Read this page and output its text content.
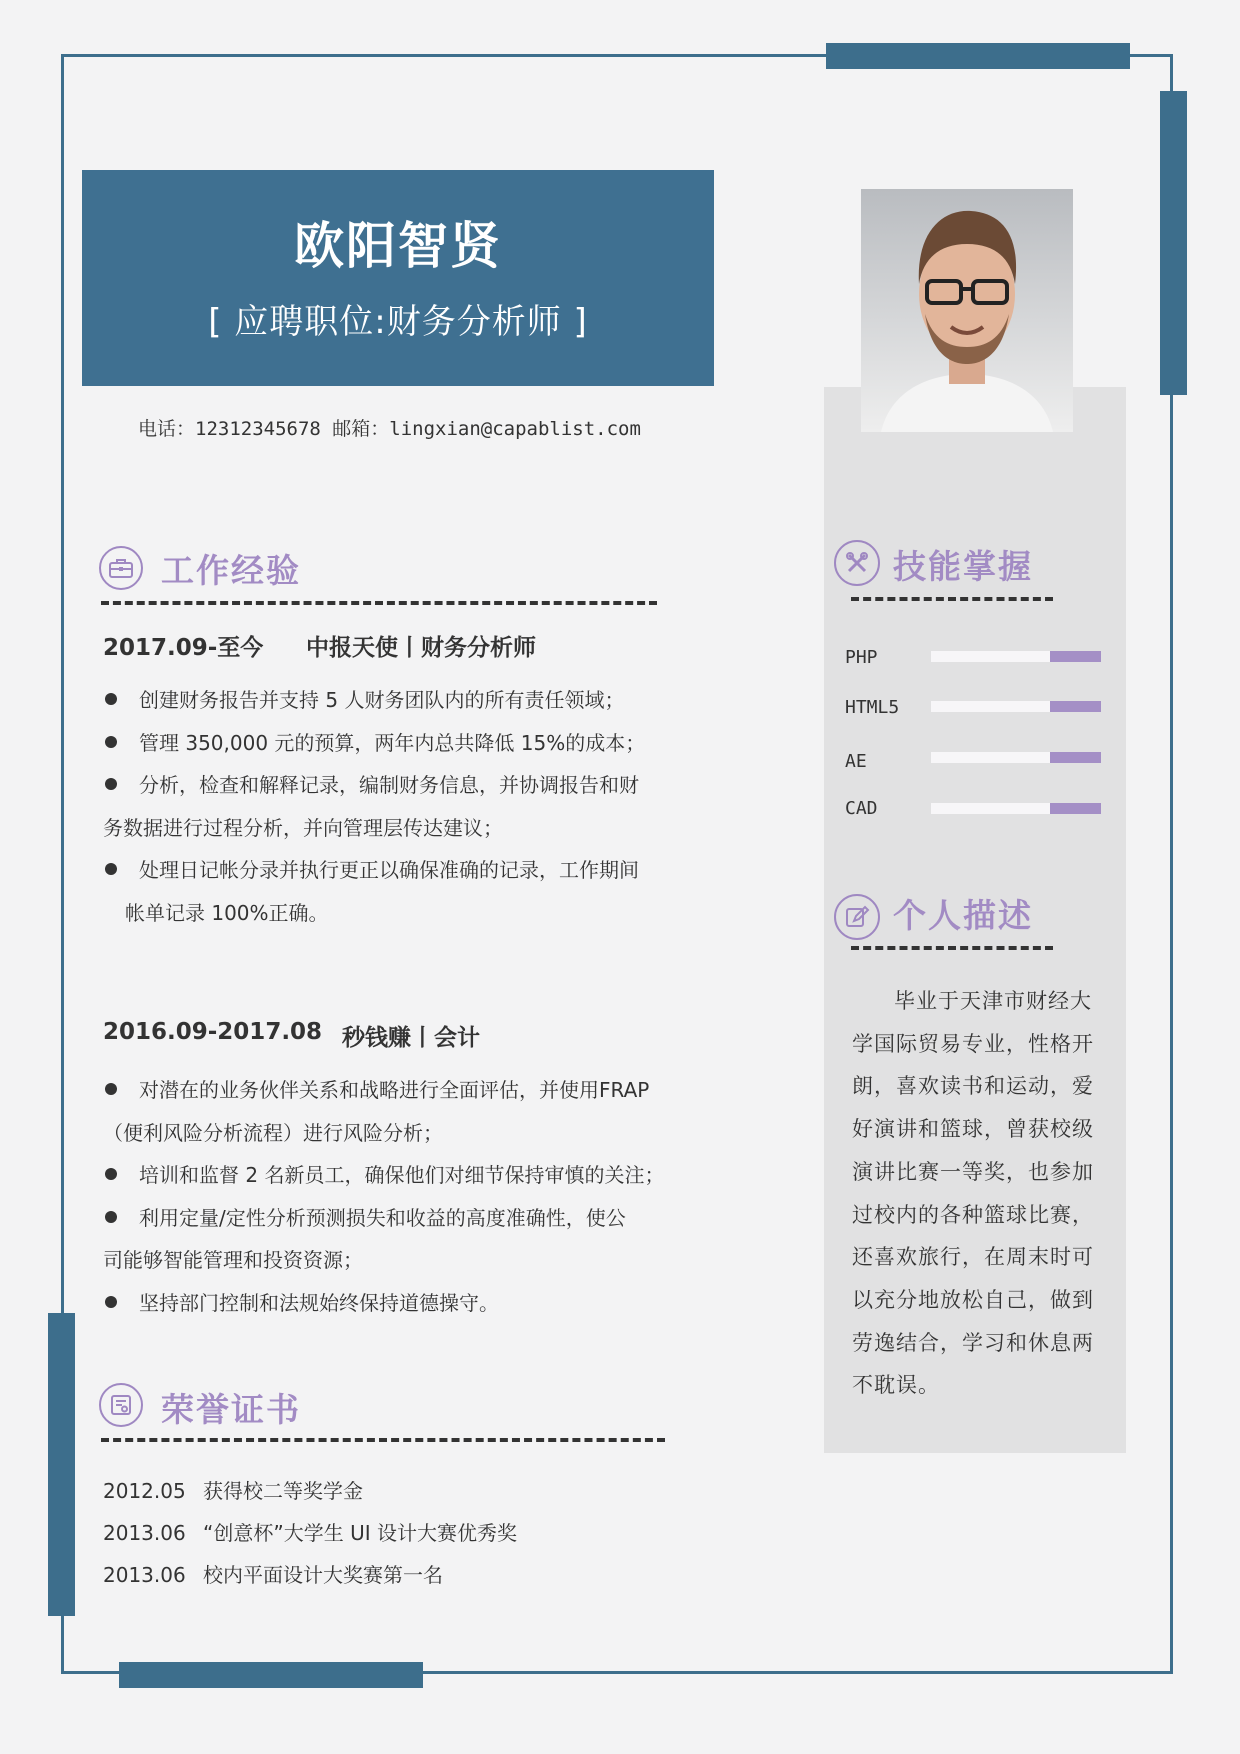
欧阳智贤
[ 应聘职位:财务分析师 ]
电话：12312345678 邮箱：lingxian@capablist.com
工作经验
2017.09-至今 中报天使丨财务分析师
创建财务报告并支持 5 人财务团队内的所有责任领域；
管理 350,000 元的预算，两年内总共降低 15%的成本；
分析，检查和解释记录，编制财务信息，并协调报告和财
务数据进行过程分析，并向管理层传达建议；
处理日记帐分录并执行更正以确保准确的记录，工作期间
帐单记录 100%正确。
2016.09-2017.08 秒钱赚丨会计
对潜在的业务伙伴关系和战略进行全面评估，并使用FRAP
（便利风险分析流程）进行风险分析；
培训和监督 2 名新员工，确保他们对细节保持审慎的关注；
利用定量/定性分析预测损失和收益的高度准确性，使公
司能够智能管理和投资资源；
坚持部门控制和法规始终保持道德操守。
荣誉证书
2012.05 获得校二等奖学金
2013.06 “创意杯”大学生 UI 设计大赛优秀奖
2013.06 校内平面设计大奖赛第一名
技能掌握
PHP
HTML5
AE
CAD
个人描述
毕业于天津市财经大学国际贸易专业，性格开朗，喜欢读书和运动，爱好演讲和篮球，曾获校级演讲比赛一等奖，也参加过校内的各种篮球比赛，还喜欢旅行，在周末时可以充分地放松自己，做到劳逸结合，学习和休息两不耽误。
